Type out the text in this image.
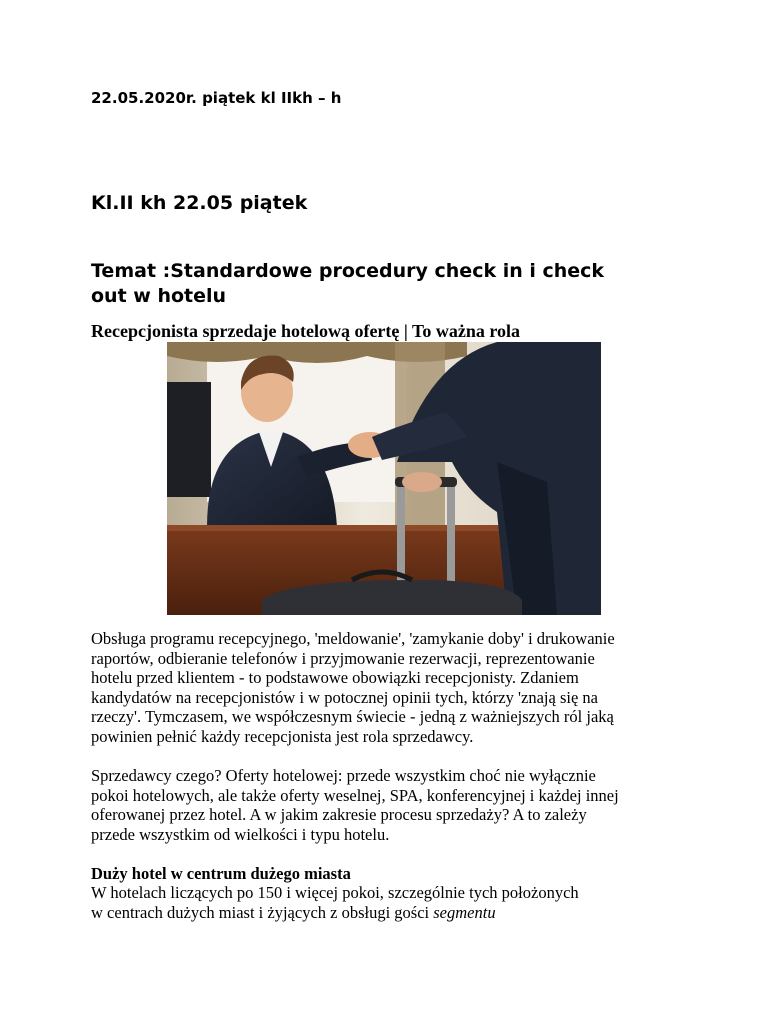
22.05.2020r. piątek kl IIkh – h
Kl.II kh 22.05 piątek
Temat :Standardowe procedury check in i check
out w hotelu
Recepcjonista sprzedaje hotelową ofertę | To ważna rola

Obsługa programu recepcyjnego, 'meldowanie', 'zamykanie doby' i drukowanie
raportów, odbieranie telefonów i przyjmowanie rezerwacji, reprezentowanie
hotelu przed klientem - to podstawowe obowiązki recepcjonisty. Zdaniem
kandydatów na recepcjonistów i w potocznej opinii tych, którzy 'znają się na
rzeczy'. Tymczasem, we współczesnym świecie - jedną z ważniejszych ról jaką
powinien pełnić każdy recepcjonista jest rola sprzedawcy.

Sprzedawcy czego? Oferty hotelowej: przede wszystkim choć nie wyłącznie
pokoi hotelowych, ale także oferty weselnej, SPA, konferencyjnej i każdej innej
oferowanej przez hotel. A w jakim zakresie procesu sprzedaży? A to zależy
przede wszystkim od wielkości i typu hotelu.

Duży hotel w centrum dużego miasta

W hotelach liczących po 150 i więcej pokoi, szczególnie tych położonych
w centrach dużych miast i żyjących z obsługi gości segmentu
